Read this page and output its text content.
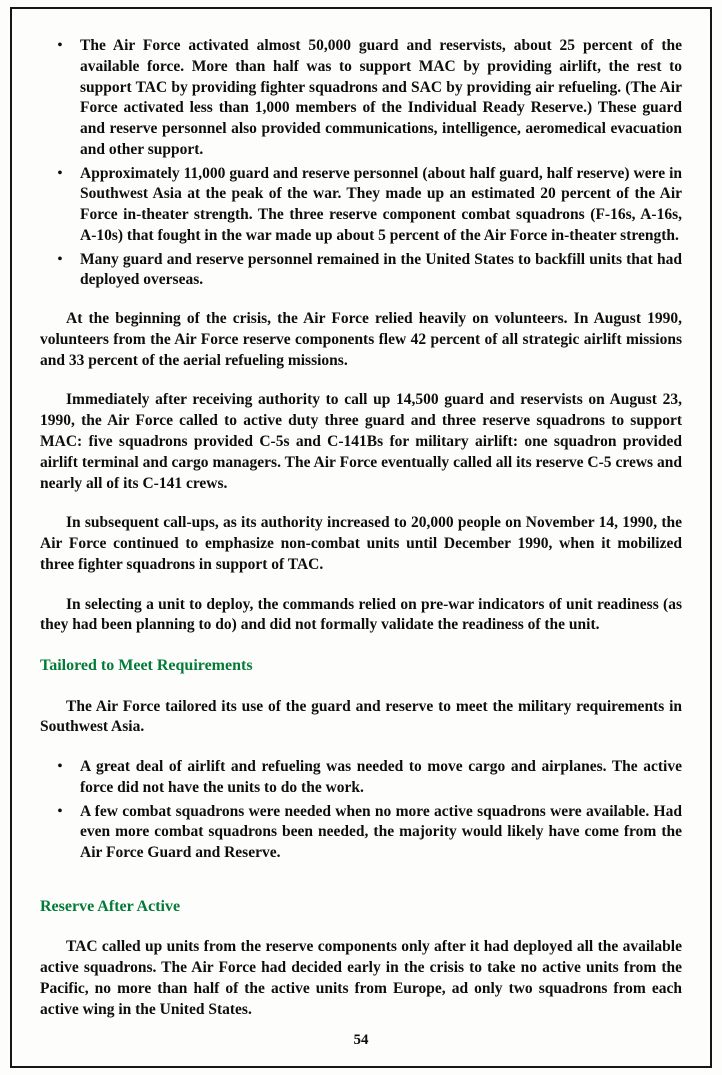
•	The Air Force activated almost 50,000 guard and reservists, about 25 percent of the available force. More than half was to support MAC by providing airlift, the rest to support TAC by providing fighter squadrons and SAC by providing air refueling. (The Air Force activated less than 1,000 members of the Individual Ready Reserve.) These guard and reserve personnel also provided communications, intelligence, aeromedical evacuation and other support.
•	Approximately 11,000 guard and reserve personnel (about half guard, half reserve) were in Southwest Asia at the peak of the war. They made up an estimated 20 percent of the Air Force in-theater strength. The three reserve component combat squadrons (F-16s, A-16s, A-10s) that fought in the war made up about 5 percent of the Air Force in-theater strength.
•	Many guard and reserve personnel remained in the United States to backfill units that had deployed overseas.

At the beginning of the crisis, the Air Force relied heavily on volunteers. In August 1990, volunteers from the Air Force reserve components flew 42 percent of all strategic airlift missions and 33 percent of the aerial refueling missions.

Immediately after receiving authority to call up 14,500 guard and reservists on August 23, 1990, the Air Force called to active duty three guard and three reserve squadrons to support MAC: five squadrons provided C-5s and C-141Bs for military airlift: one squadron provided airlift terminal and cargo managers. The Air Force eventually called all its reserve C-5 crews and nearly all of its C-141 crews.

In subsequent call-ups, as its authority increased to 20,000 people on November 14, 1990, the Air Force continued to emphasize non-combat units until December 1990, when it mobilized three fighter squadrons in support of TAC.

In selecting a unit to deploy, the commands relied on pre-war indicators of unit readiness (as they had been planning to do) and did not formally validate the readiness of the unit.

Tailored to Meet Requirements

The Air Force tailored its use of the guard and reserve to meet the military requirements in Southwest Asia.

•	A great deal of airlift and refueling was needed to move cargo and airplanes. The active force did not have the units to do the work.
•	A few combat squadrons were needed when no more active squadrons were available. Had even more combat squadrons been needed, the majority would likely have come from the Air Force Guard and Reserve.
Reserve After Active

TAC called up units from the reserve components only after it had deployed all the available active squadrons. The Air Force had decided early in the crisis to take no active units from the Pacific, no more than half of the active units from Europe, ad only two squadrons from each active wing in the United States.

54
